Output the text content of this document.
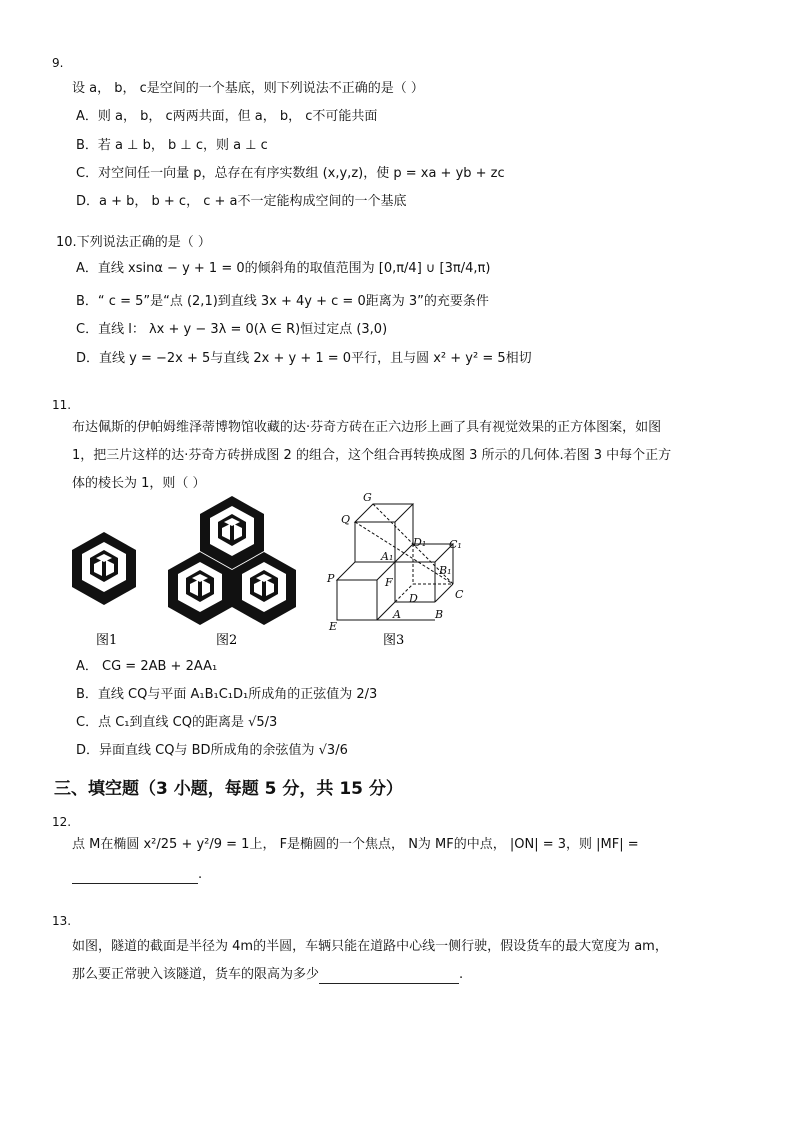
9.
设 a， b， c是空间的一个基底，则下列说法不正确的是（ ）
A．则 a， b， c两两共面，但 a， b， c不可能共面
B．若 a ⊥ b， b ⊥ c，则 a ⊥ c
C．对空间任一向量 p，总存在有序实数组 (x,y,z)，使 p = xa + yb + zc
D．a + b， b + c， c + a不一定能构成空间的一个基底
10.下列说法正确的是（ ）
A．直线 xsinα − y + 1 = 0的倾斜角的取值范围为 [0,π/4] ∪ [3π/4,π)
B．“ c = 5”是“点 (2,1)到直线 3x + 4y + c = 0距离为 3”的充要条件
C．直线 l： λx + y − 3λ = 0(λ ∈ R)恒过定点 (3,0)
D．直线 y = −2x + 5与直线 2x + y + 1 = 0平行，且与圆 x² + y² = 5相切
11.
布达佩斯的伊帕姆维泽蒂博物馆收藏的达·芬奇方砖在正六边形上画了具有视觉效果的正方体图案，如图
1，把三片这样的达·芬奇方砖拼成图 2 的组合，这个组合再转换成图 3 所示的几何体.若图 3 中每个正方
体的棱长为 1，则（ ）
图1	图2
G
Q
D₁ C₁
A₁
B₁
P	F
C
D
E
A	B
图3
A． CG = 2AB + 2AA₁
B．直线 CQ与平面 A₁B₁C₁D₁所成角的正弦值为 2/3
C．点 C₁到直线 CQ的距离是 √5/3
D．异面直线 CQ与 BD所成角的余弦值为 √3/6
三、填空题（3 小题，每题 5 分，共 15 分）
12.
点 M在椭圆 x²/25 + y²/9 = 1上， F是椭圆的一个焦点， N为 MF的中点， |ON| = 3，则 |MF| =
.
13.
如图，隧道的截面是半径为 4m的半圆，车辆只能在道路中心线一侧行驶，假设货车的最大宽度为 am，
那么要正常驶入该隧道，货车的限高为多少	.
